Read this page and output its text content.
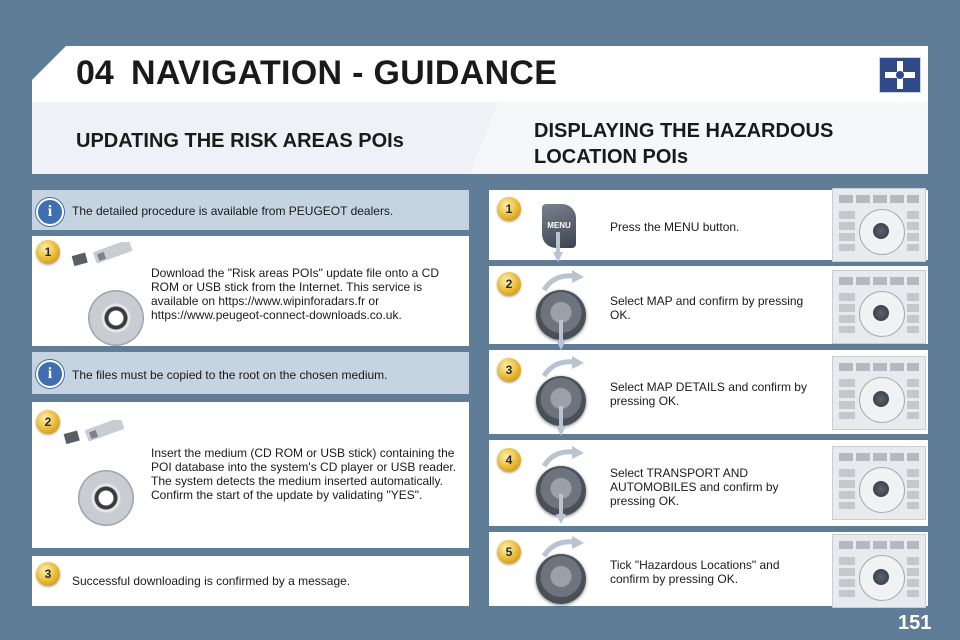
04 NAVIGATION - GUIDANCE
UPDATING THE RISK AREAS POIs	DISPLAYING THE HAZARDOUS LOCATION POIs
i	The detailed procedure is available from PEUGEOT dealers.
1
Download the "Risk areas POIs" update file onto a CD ROM or USB stick from the Internet. This service is available on https://www.wipinforadars.fr or https://www.peugeot-connect-downloads.co.uk.
i	The files must be copied to the root on the chosen medium.
2
Insert the medium (CD ROM or USB stick) containing the POI database into the system's CD player or USB reader.
The system detects the medium inserted automatically.
Confirm the start of the update by validating "YES".
3	Successful downloading is confirmed by a message.
1
MENU	Press the MENU button.
2
Select MAP and confirm by pressing OK.
3
Select MAP DETAILS and confirm by pressing OK.
4
Select TRANSPORT AND AUTOMOBILES and confirm by pressing OK.
5
Tick "Hazardous Locations" and confirm by pressing OK.
151
